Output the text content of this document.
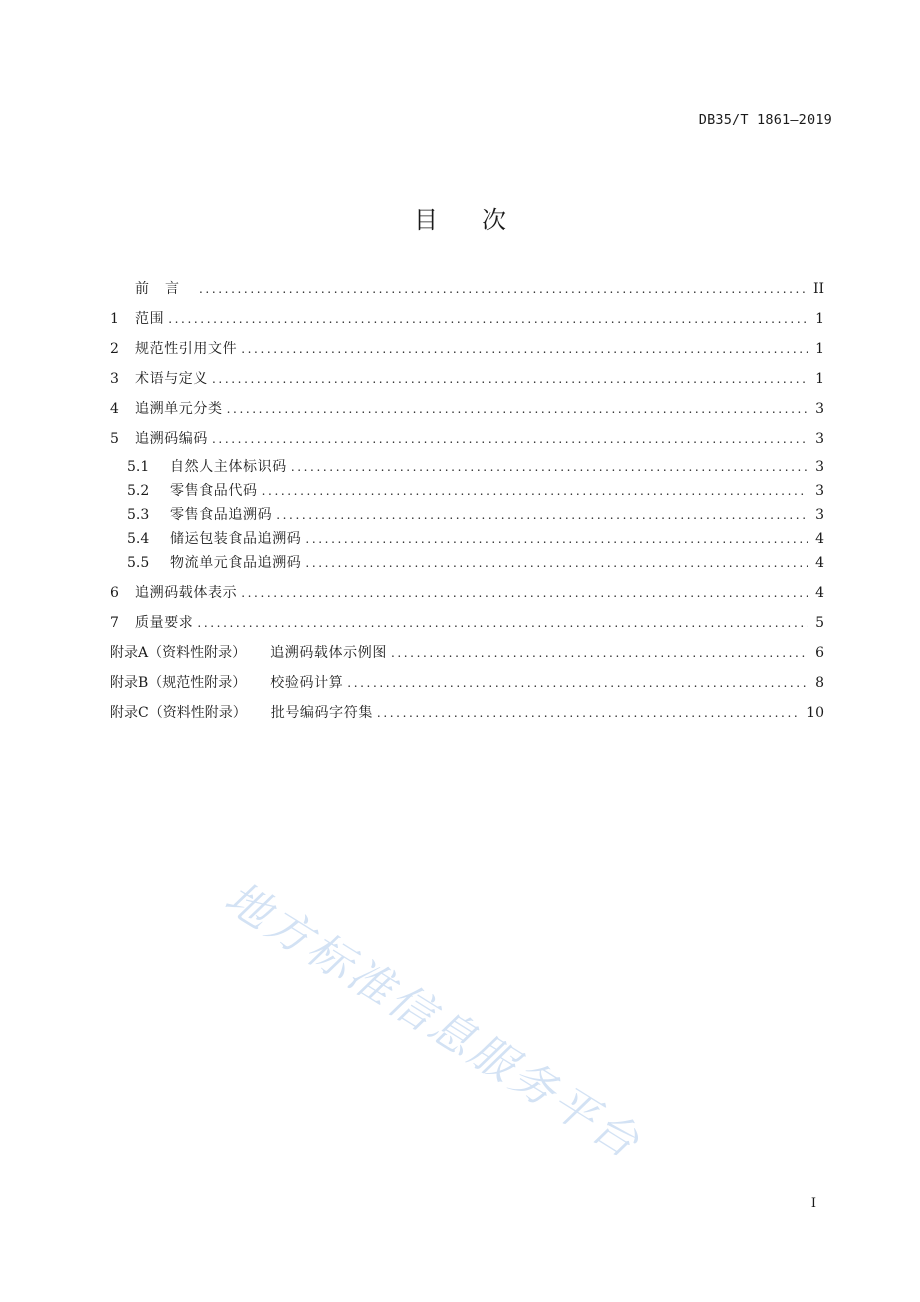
DB35/T 1861—2019
目次
前言 .....	II
1	范围 .....	1
2	规范性引用文件 .....	1
3	术语与定义 .....	1
4	追溯单元分类 .....	3
5	追溯码编码 .....	3
5.1	自然人主体标识码 .....	3
5.2	零售食品代码 .....	3
5.3	零售食品追溯码 .....	3
5.4	储运包装食品追溯码 .....	4
5.5	物流单元食品追溯码 .....	4
6	追溯码载体表示 .....	4
7	质量要求 .....	5
附录A（资料性附录） 追溯码载体示例图 .....	6
附录B（规范性附录） 校验码计算 .....	8
附录C（资料性附录） 批号编码字符集 .....	10
地方标准信息服务平台
I
